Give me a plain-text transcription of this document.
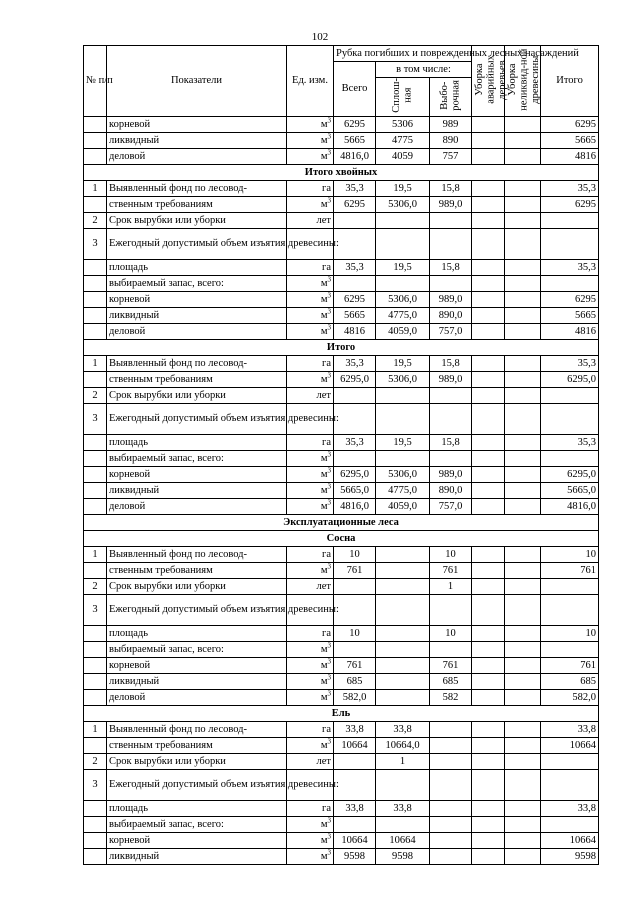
102
№ п/п	Показатели	Ед. изм.	Рубка погибших и поврежденных лесных насаждений			Уборка аварийных деревьев	Уборка неликвид-ной древесины	Итого
			Всего	в том числе:				
				Сплош-ная	Выбо-рочная			
	корневой	$м^3$	6295	5306	989			6295
	ликвидный	$м^3$	5665	4775	890			5665
	деловой	$м^3$	4816,0	4059	757			4816
Итого хвойных								
1	Выявленный фонд по лесовод-	га	35,3	19,5	15,8			35,3
	ственным требованиям	$м^3$	6295	5306,0	989,0			6295
2	Срок вырубки или уборки	лет						
3	Ежегодный допустимый объем изъятия древесины:							
	площадь	га	35,3	19,5	15,8			35,3
	выбираемый запас, всего:	$м^3$						
	корневой	$м^3$	6295	5306,0	989,0			6295
	ликвидный	$м^3$	5665	4775,0	890,0			5665
	деловой	$м^3$	4816	4059,0	757,0			4816
Итого								
1	Выявленный фонд по лесовод-	га	35,3	19,5	15,8			35,3
	ственным требованиям	$м^3$	6295,0	5306,0	989,0			6295,0
2	Срок вырубки или уборки	лет						
3	Ежегодный допустимый объем изъятия древесины:							
	площадь	га	35,3	19,5	15,8			35,3
	выбираемый запас, всего:	$м^3$						
	корневой	$м^3$	6295,0	5306,0	989,0			6295,0
	ликвидный	$м^3$	5665,0	4775,0	890,0			5665,0
	деловой	$м^3$	4816,0	4059,0	757,0			4816,0
Эксплуатационные леса								
Сосна								
1	Выявленный фонд по лесовод-	га	10		10			10
	ственным требованиям	$м^3$	761		761			761
2	Срок вырубки или уборки	лет			1			
3	Ежегодный допустимый объем изъятия древесины:							
	площадь	га	10		10			10
	выбираемый запас, всего:	$м^3$						
	корневой	$м^3$	761		761			761
	ликвидный	$м^3$	685		685			685
	деловой	$м^3$	582,0		582			582,0
Ель								
1	Выявленный фонд по лесовод-	га	33,8	33,8				33,8
	ственным требованиям	$м^3$	10664	10664,0				10664
2	Срок вырубки или уборки	лет		1				
3	Ежегодный допустимый объем изъятия древесины:							
	площадь	га	33,8	33,8				33,8
	выбираемый запас, всего:	$м^3$						
	корневой	$м^3$	10664	10664				10664
	ликвидный	$м^3$	9598	9598				9598
